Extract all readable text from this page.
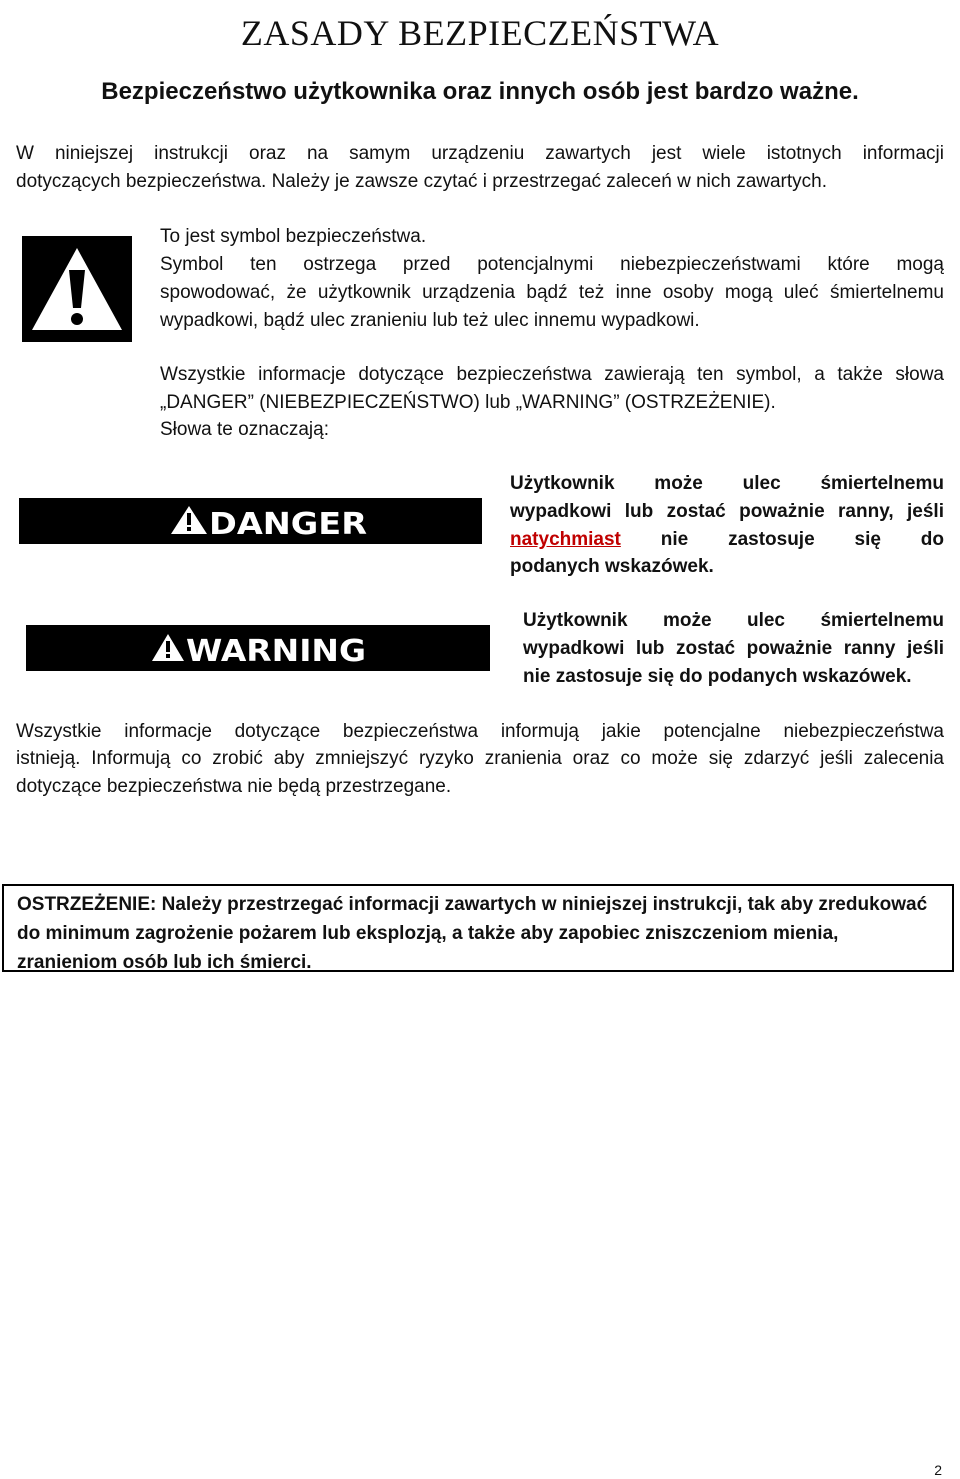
ZASADY BEZPIECZEŃSTWA
Bezpieczeństwo użytkownika oraz innych osób jest bardzo ważne.
W niniejszej instrukcji oraz na samym urządzeniu zawartych jest wiele istotnych informacji
dotyczących bezpieczeństwa. Należy je zawsze czytać i przestrzegać zaleceń w nich zawartych.
To jest symbol bezpieczeństwa.
Symbol ten ostrzega przed potencjalnymi niebezpieczeństwami które mogą
spowodować, że użytkownik urządzenia bądź też inne osoby mogą uleć śmiertelnemu
wypadkowi, bądź ulec zranieniu lub też ulec innemu wypadkowi.
Wszystkie informacje dotyczące bezpieczeństwa zawierają ten symbol, a także słowa
„DANGER” (NIEBEZPIECZEŃSTWO) lub „WARNING” (OSTRZEŻENIE).
Słowa te oznaczają:
DANGER
Użytkownik może ulec śmiertelnemu
wypadkowi lub zostać poważnie ranny, jeśli
natychmiast nie zastosuje się do
podanych wskazówek.
WARNING
Użytkownik może ulec śmiertelnemu
wypadkowi lub zostać poważnie ranny jeśli
nie zastosuje się do podanych wskazówek.
Wszystkie informacje dotyczące bezpieczeństwa informują jakie potencjalne niebezpieczeństwa
istnieją. Informują co zrobić aby zmniejszyć ryzyko zranienia oraz co może się zdarzyć jeśli zalecenia
dotyczące bezpieczeństwa nie będą przestrzegane.
OSTRZEŻENIE: Należy przestrzegać informacji zawartych w niniejszej instrukcji, tak aby zredukować
do minimum zagrożenie pożarem lub eksplozją, a także aby zapobiec zniszczeniom mienia,
zranieniom osób lub ich śmierci.
2
